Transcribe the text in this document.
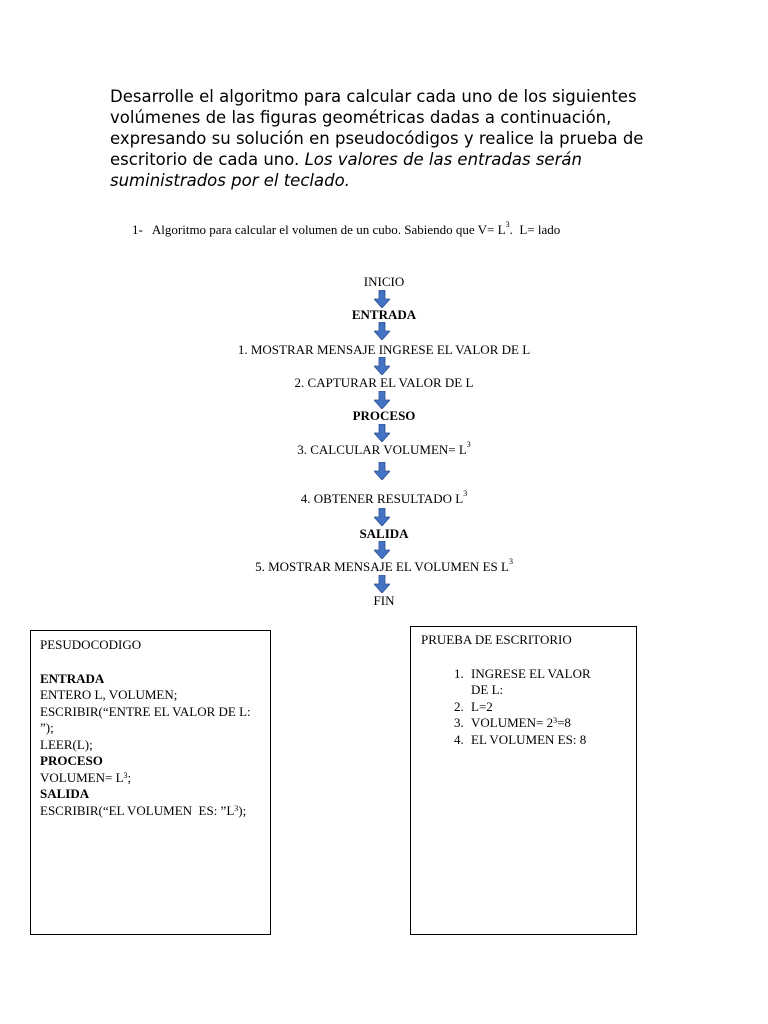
Desarrolle el algoritmo para calcular cada uno de los siguientes volúmenes de las figuras geométricas dadas a continuación, expresando su solución en pseudocódigos y realice la prueba de escritorio de cada uno. Los valores de las entradas serán suministrados por el teclado.

1- Algoritmo para calcular el volumen de un cubo. Sabiendo que $V= L^3$.  L= lado
INICIO
ENTRADA
1. MOSTRAR MENSAJE INGRESE EL VALOR DE L
2. CAPTURAR EL VALOR DE L
PROCESO
3. CALCULAR VOLUMEN= $L^3$
4. OBTENER RESULTADO $L^3$
SALIDA
5. MOSTRAR MENSAJE EL VOLUMEN ES $L^3$
FIN
PESUDOCODIGO
ENTRADA
ENTERO L, VOLUMEN;
ESCRIBIR(“ENTRE EL VALOR DE L: ”);
LEER(L);
PROCESO
VOLUMEN= $L^3$;
SALIDA
ESCRIBIR(“EL VOLUMEN  ES: $”L^3$);
PRUEBA DE ESCRITORIO
1. INGRESE EL VALOR DE L:
2. L=2
3. VOLUMEN= $2^3=8$
4. EL VOLUMEN ES: 8
